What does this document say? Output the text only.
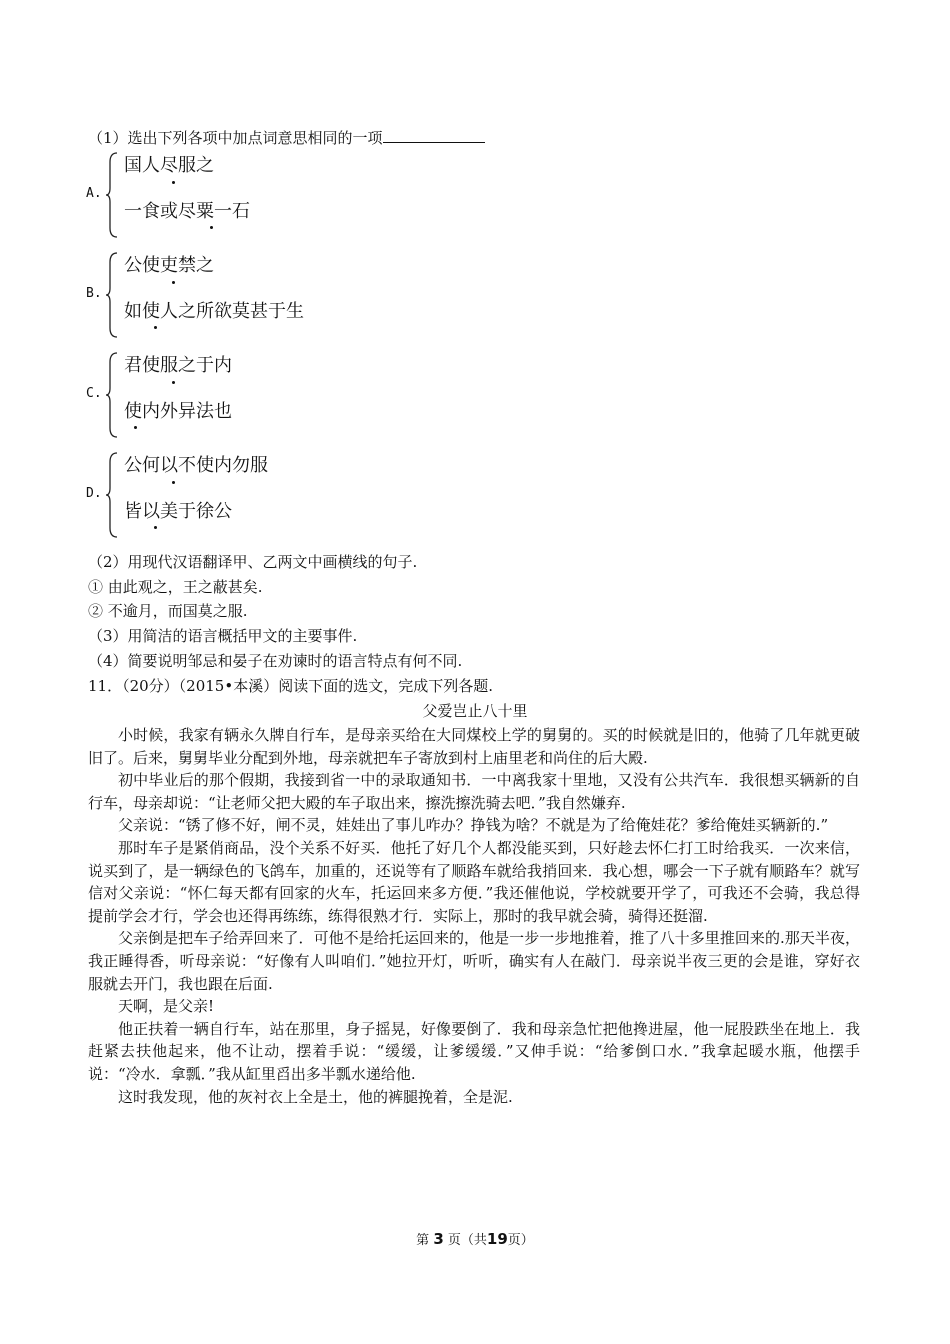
（1）选出下列各项中加点词意思相同的一项
A.
国人尽服之
一食或尽粟一石
B.
公使吏禁之
如使人之所欲莫甚于生
C.
君使服之于内
使内外异法也
D.
公何以不使内勿服
皆以美于徐公
（2）用现代汉语翻译甲、乙两文中画横线的句子.
① 由此观之，王之蔽甚矣.
② 不逾月，而国莫之服.
（3）用简洁的语言概括甲文的主要事件.
（4）简要说明邹忌和晏子在劝谏时的语言特点有何不同.
11．（20分）（2015•本溪）阅读下面的选文，完成下列各题.
父爱岂止八十里

小时候，我家有辆永久牌自行车，是母亲买给在大同煤校上学的舅舅的。买的时候就是旧的，他骑了几年就更破旧了。后来，舅舅毕业分配到外地，母亲就把车子寄放到村上庙里老和尚住的后大殿.

初中毕业后的那个假期，我接到省一中的录取通知书．一中离我家十里地，又没有公共汽车．我很想买辆新的自行车，母亲却说：“让老师父把大殿的车子取出来，擦洗擦洗骑去吧．”我自然嫌弃.

父亲说：“锈了修不好，闸不灵，娃娃出了事儿咋办？挣钱为啥？不就是为了给俺娃花？爹给俺娃买辆新的.”

那时车子是紧俏商品，没个关系不好买．他托了好几个人都没能买到，只好趁去怀仁打工时给我买．一次来信，说买到了，是一辆绿色的飞鸽车，加重的，还说等有了顺路车就给我捎回来．我心想，哪会一下子就有顺路车？就写信对父亲说：“怀仁每天都有回家的火车，托运回来多方便．”我还催他说，学校就要开学了，可我还不会骑，我总得提前学会才行，学会也还得再练练，练得很熟才行．实际上，那时的我早就会骑，骑得还挺溜.

父亲倒是把车子给弄回来了．可他不是给托运回来的，他是一步一步地推着，推了八十多里推回来的.那天半夜，我正睡得香，听母亲说：“好像有人叫咱们．”她拉开灯，听听，确实有人在敲门．母亲说半夜三更的会是谁，穿好衣服就去开门，我也跟在后面.

天啊，是父亲!

他正扶着一辆自行车，站在那里，身子摇晃，好像要倒了．我和母亲急忙把他搀进屋，他一屁股跌坐在地上．我赶紧去扶他起来，他不让动，摆着手说：“缓缓，让爹缓缓．”又伸手说：“给爹倒口水．”我拿起暖水瓶，他摆手说：“冷水．拿瓢．”我从缸里舀出多半瓢水递给他.

这时我发现，他的灰衬衣上全是土，他的裤腿挽着，全是泥.

第 3 页（共19页）
